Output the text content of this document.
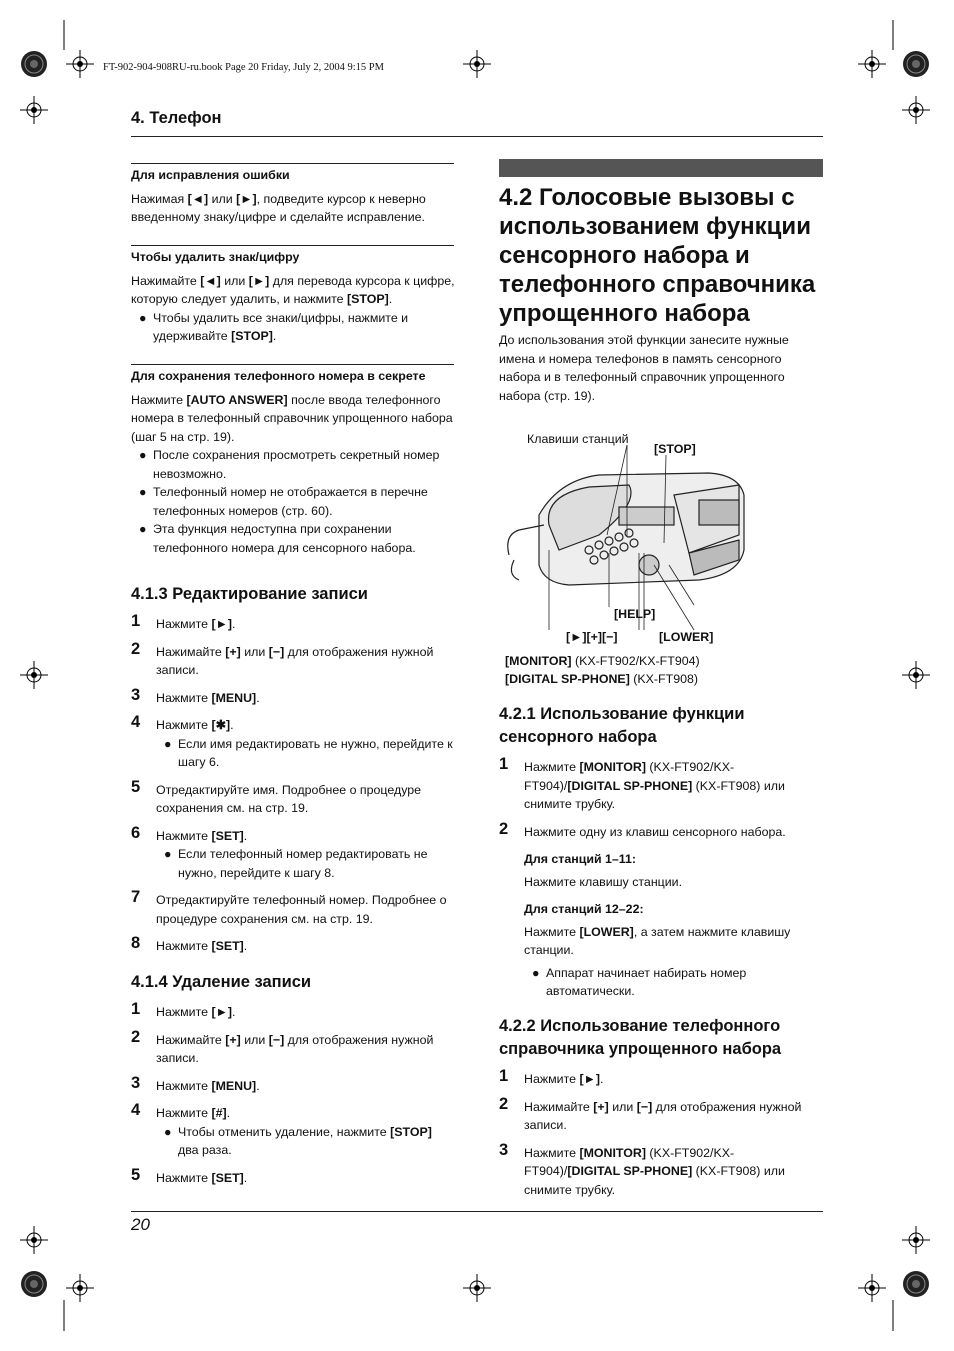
FT-902-904-908RU-ru.book Page 20 Friday, July 2, 2004 9:15 PM
4. Телефон

Для исправления ошибки

Нажимая [◄] или [►], подведите курсор к неверно введенному знаку/цифре и сделайте исправление.

Чтобы удалить знак/цифру

Нажимайте [◄] или [►] для перевода курсора к цифре, которую следует удалить, и нажмите [STOP].

● Чтобы удалить все знаки/цифры, нажмите и удерживайте [STOP].

Для сохранения телефонного номера в секрете

Нажмите [AUTO ANSWER] после ввода телефонного номера в телефонный справочник упрощенного набора (шаг 5 на стр. 19).

● После сохранения просмотреть секретный номер невозможно.

● Телефонный номер не отображается в перечне телефонных номеров (стр. 60).

● Эта функция недоступна при сохранении телефонного номера для сенсорного набора.

4.1.3 Редактирование записи

1 Нажмите [►].
2 Нажимайте [+] или [−] для отображения нужной записи.
3 Нажмите [MENU].
4 Нажмите [✱].
● Если имя редактировать не нужно, перейдите к шагу 6.
5 Отредактируйте имя. Подробнее о процедуре сохранения см. на стр. 19.
6 Нажмите [SET].
● Если телефонный номер редактировать не нужно, перейдите к шагу 8.
7 Отредактируйте телефонный номер. Подробнее о процедуре сохранения см. на стр. 19.
8 Нажмите [SET].

4.1.4 Удаление записи

1 Нажмите [►].
2 Нажимайте [+] или [−] для отображения нужной записи.
3 Нажмите [MENU].
4 Нажмите [#].
● Чтобы отменить удаление, нажмите [STOP] два раза.
5 Нажмите [SET].

4.2 Голосовые вызовы с использованием функции сенсорного набора и телефонного справочника упрощенного набора

До использования этой функции занесите нужные имена и номера телефонов в память сенсорного набора и в телефонный справочник упрощенного набора (стр. 19).

Клавиши станций
[STOP]
[HELP]
[►][+][−]	[LOWER]
[MONITOR] (KX-FT902/KX-FT904)
[DIGITAL SP-PHONE] (KX-FT908)

4.2.1 Использование функции сенсорного набора

1 Нажмите [MONITOR] (KX-FT902/KX-FT904)/[DIGITAL SP-PHONE] (KX-FT908) или снимите трубку.
2 Нажмите одну из клавиш сенсорного набора.

Для станций 1–11:

Нажмите клавишу станции.

Для станций 12–22:

Нажмите [LOWER], а затем нажмите клавишу станции.

● Аппарат начинает набирать номер автоматически.

4.2.2 Использование телефонного справочника упрощенного набора

1 Нажмите [►].
2 Нажимайте [+] или [−] для отображения нужной записи.
3 Нажмите [MONITOR] (KX-FT902/KX-FT904)/[DIGITAL SP-PHONE] (KX-FT908) или снимите трубку.
20
